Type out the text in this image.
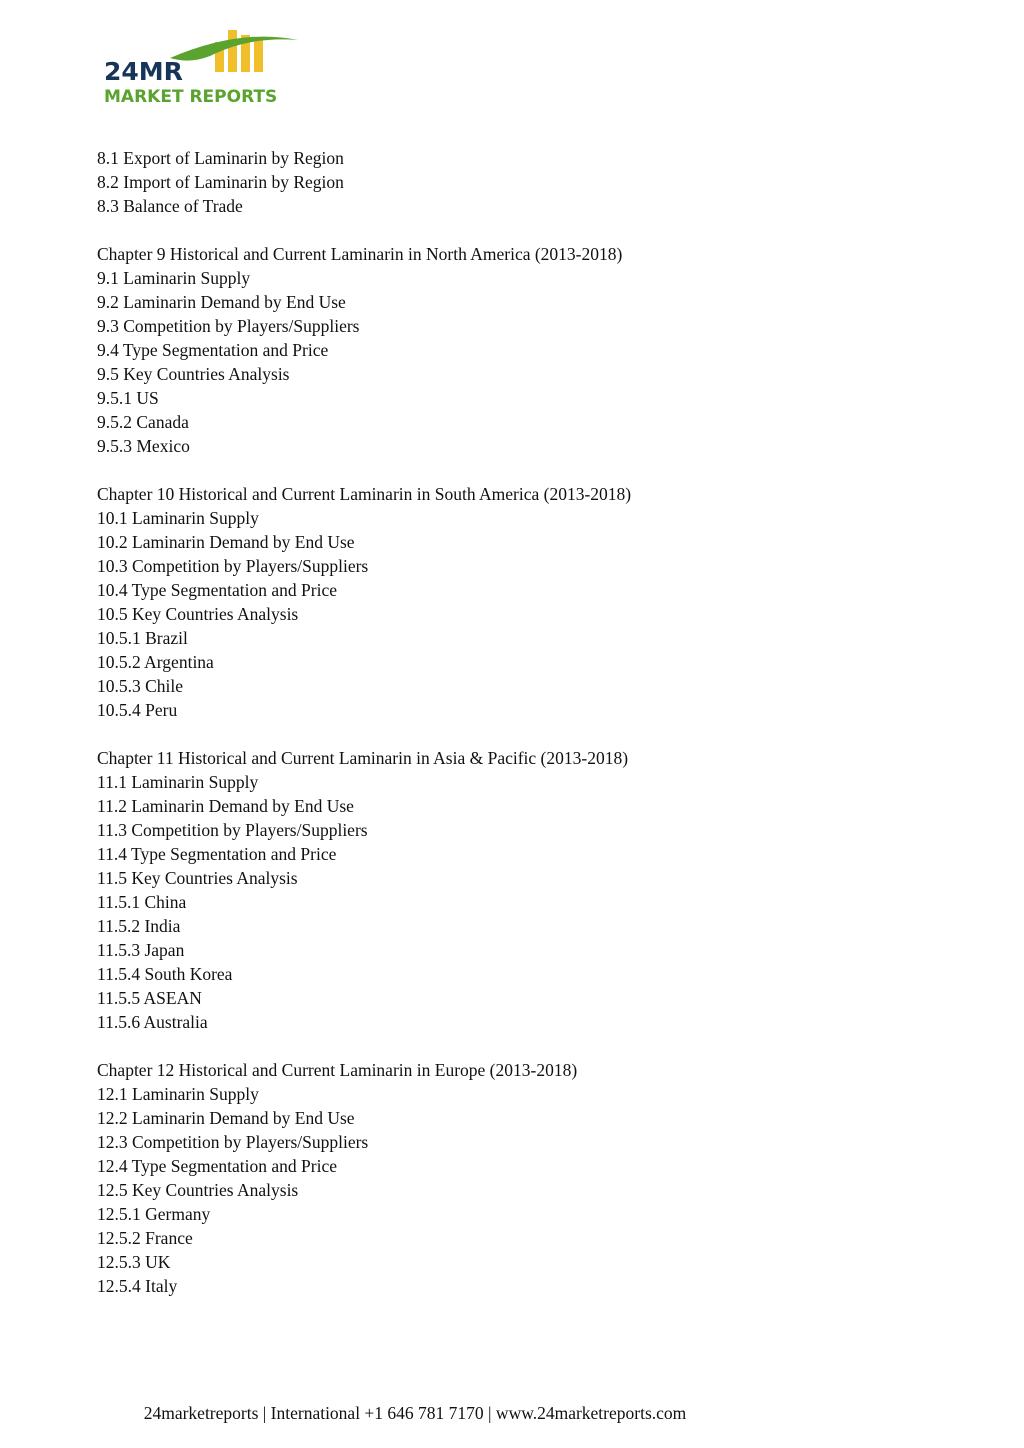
24MR
MARKET REPORTS
8.1 Export of Laminarin by Region
8.2 Import of Laminarin by Region
8.3 Balance of Trade
Chapter 9 Historical and Current Laminarin in North America (2013-2018)
9.1 Laminarin Supply
9.2 Laminarin Demand by End Use
9.3 Competition by Players/Suppliers
9.4 Type Segmentation and Price
9.5 Key Countries Analysis
9.5.1 US
9.5.2 Canada
9.5.3 Mexico
Chapter 10 Historical and Current Laminarin in South America (2013-2018)
10.1 Laminarin Supply
10.2 Laminarin Demand by End Use
10.3 Competition by Players/Suppliers
10.4 Type Segmentation and Price
10.5 Key Countries Analysis
10.5.1 Brazil
10.5.2 Argentina
10.5.3 Chile
10.5.4 Peru
Chapter 11 Historical and Current Laminarin in Asia & Pacific (2013-2018)
11.1 Laminarin Supply
11.2 Laminarin Demand by End Use
11.3 Competition by Players/Suppliers
11.4 Type Segmentation and Price
11.5 Key Countries Analysis
11.5.1 China
11.5.2 India
11.5.3 Japan
11.5.4 South Korea
11.5.5 ASEAN
11.5.6 Australia
Chapter 12 Historical and Current Laminarin in Europe (2013-2018)
12.1 Laminarin Supply
12.2 Laminarin Demand by End Use
12.3 Competition by Players/Suppliers
12.4 Type Segmentation and Price
12.5 Key Countries Analysis
12.5.1 Germany
12.5.2 France
12.5.3 UK
12.5.4 Italy
24marketreports | International +1 646 781 7170 | www.24marketreports.com
